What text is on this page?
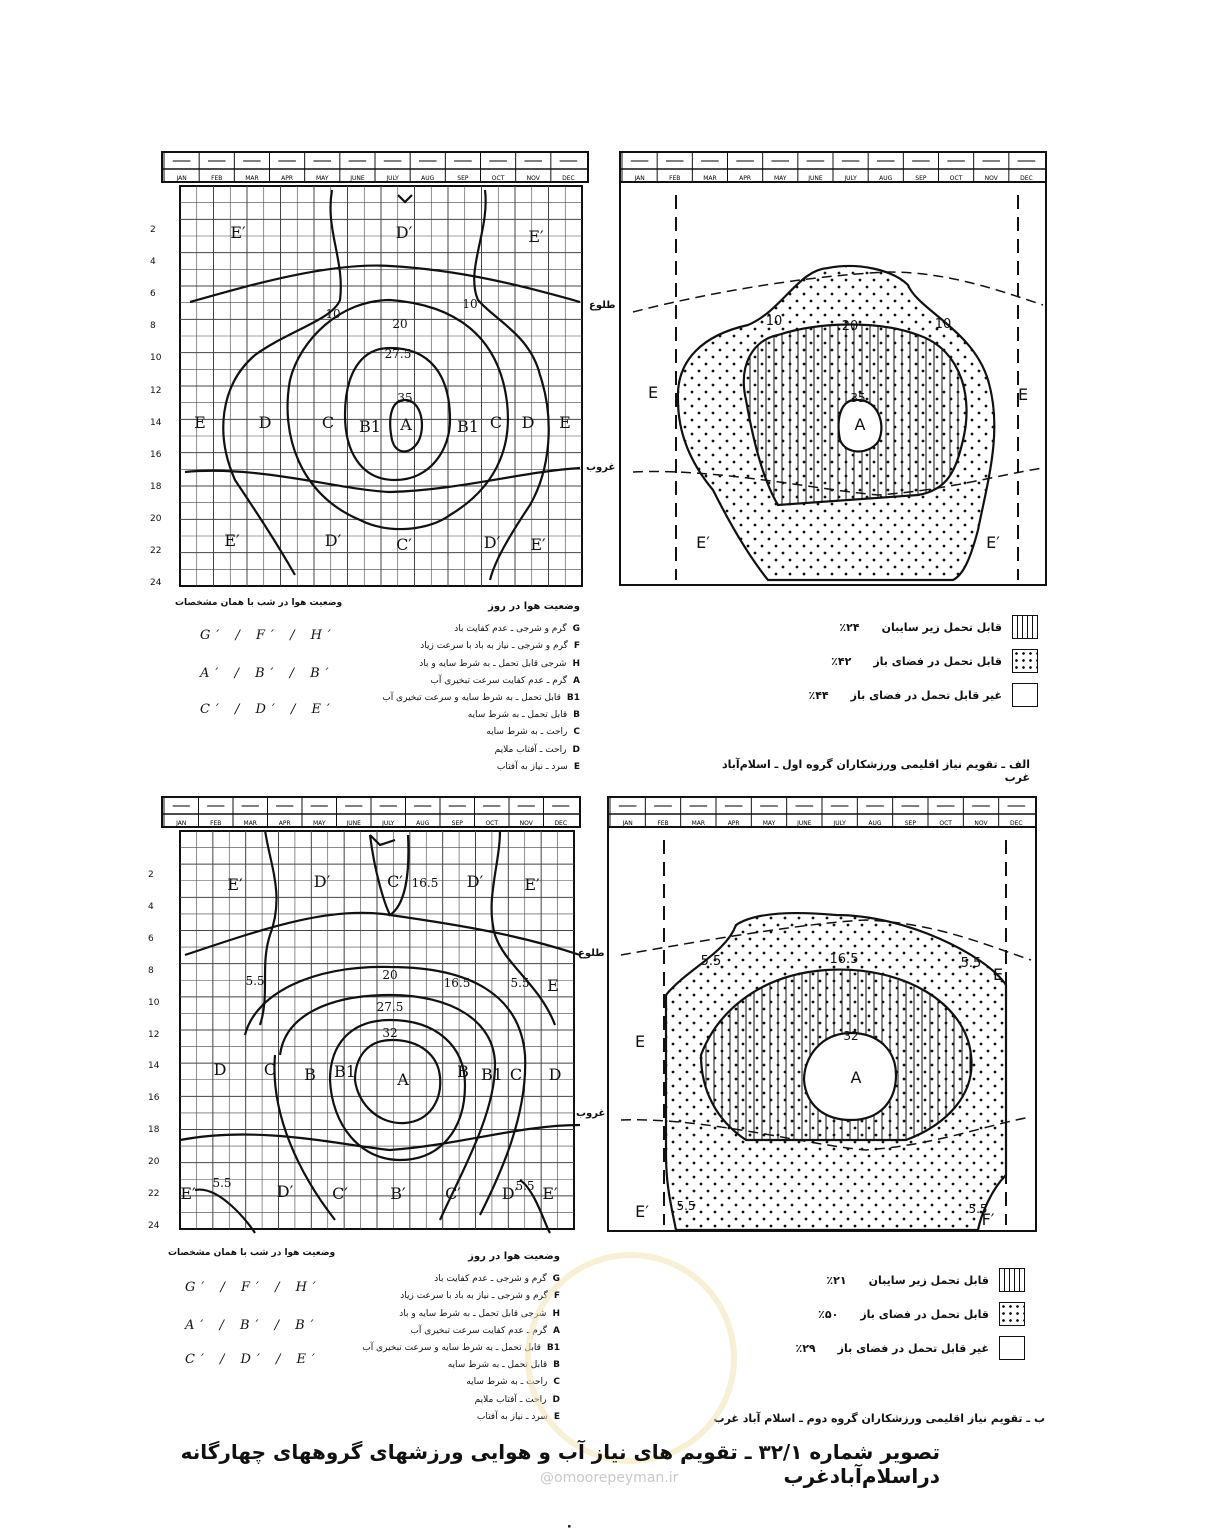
JAN	FEB	MAR	APR	MAY	JUNE	JULY	AUG	SEP	OCT	NOV	DEC
E′	D′	E′
E	D	C B1 A	B1 C D E
E′	D′	C′	D′ E′
10
10
20
27.5
35
2
4
6
8
10
12
14
16
18
20
22
24
طلوع
غروب
JAN	FEB	MAR	APR	MAY	JUNE	JULY	AUG	SEP	OCT	NOV	DEC
10	20	10
35
E
A
E
E′	E′
وضعیت هوا در شب با همان مشخصات
G′ / F′ / H′
A′ / B′ / B′
C′ / D′ / E′
وضعیت هوا در روز
Gگرم و شرجی ـ عدم کفایت باد
Fگرم و شرجی ـ نیاز به باد با سرعت زیاد
Hشرجی قابل تحمل ـ به شرط سایه و باد
Aگرم ـ عدم کفایت سرعت تبخیری آب
B1قابل تحمل ـ به شرط سایه و سرعت تبخیری آب
Bقابل تحمل ـ به شرط سایه
Cراحت ـ به شرط سایه
Dراحت ـ آفتاب ملایم
Eسرد ـ نیاز به آفتاب
قابل تحمل زیر سایبان
٪۲۴
قابل تحمل در فضای باز
٪۴۲
غیر قابل تحمل در فضای باز
٪۴۴
الف ـ تقویم نیاز اقلیمی ورزشکاران گروه اول ـ اسلام‌آباد غرب
JAN	FEB	MAR	APR	MAY	JUNE	JULY	AUG	SEP	OCT	NOV	DEC
E′	D′	C′	D′	E′
D C B B1	A	B B1 C D
E′	D′ C′	B′ C′	D′ E′
E
5.5	5.5
20
16.5
27.5
32
16.5
5.5	5.5
2
4
6
8
10
12
14
16
18
20
22
24
طلوع
غروب
JAN	FEB	MAR	APR	MAY	JUNE	JULY	AUG	SEP	OCT	NOV	DEC
5.5	16.5	5.5
32
5.5	5.5
E
E
A
E′	F′
وضعیت هوا در شب با همان مشخصات
G′ / F′ / H′
A′ / B′ / B′
C′ / D′ / E′
وضعیت هوا در روز
Gگرم و شرجی ـ عدم کفایت باد
Fگرم و شرجی ـ نیاز به باد با سرعت زیاد
Hشرجی قابل تحمل ـ به شرط سایه و باد
Aگرم ـ عدم کفایت سرعت تبخیری آب
B1قابل تحمل ـ به شرط سایه و سرعت تبخیری آب
Bقابل تحمل ـ به شرط سایه
Cراحت ـ به شرط سایه
Dراحت ـ آفتاب ملایم
Eسرد ـ نیاز به آفتاب
قابل تحمل زیر سایبان
٪۲۱
قابل تحمل در فضای باز
٪۵۰
غیر قابل تحمل در فضای باز
٪۲۹
ب ـ تقویم نیاز اقلیمی ورزشکاران گروه دوم ـ اسلام آباد غرب
@omoorepeyman.ir
تصویر شماره ۳۲/۱ ـ تقویم های نیاز آب و هوایی ورزشهای گروههای چهارگانه دراسلام‌آبادغرب
۰
